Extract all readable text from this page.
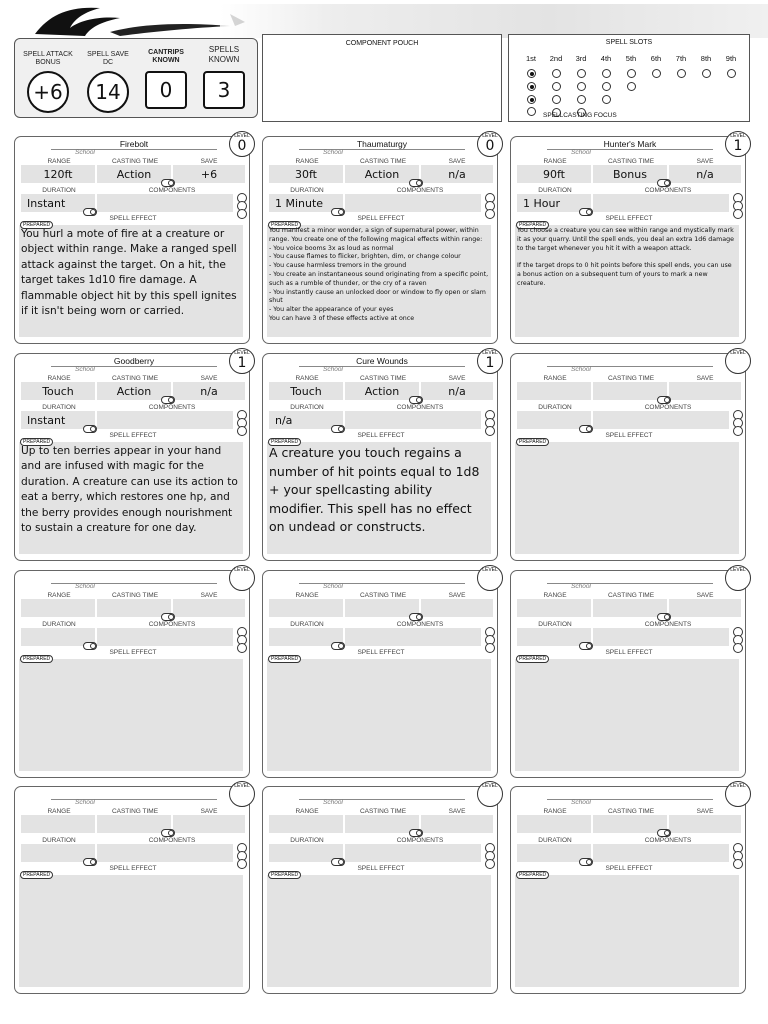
SPELL ATTACK BONUS
+6
SPELL SAVE DC
14
CANTRIPS KNOWN
0
SPELLS KNOWN
3
COMPONENT POUCH	SPELL SLOTS
1st	2nd	3rd	4th	5th	6th	7th	8th	9th
SPELLCASTING FOCUS
Firebolt
School
LEVEL
0
RANGE	CASTING TIME	SAVE
120ft	Action	+6
DURATION	COMPONENTS
Instant
SPELL EFFECT
PREPARED
You hurl a mote of fire at a creature or object within range. Make a ranged spell attack against the target. On a hit, the target takes 1d10 fire damage. A flammable object hit by this spell ignites if it isn't being worn or carried.
Thaumaturgy
School
LEVEL
0
RANGE	CASTING TIME	SAVE
30ft	Action	n/a
DURATION	COMPONENTS
1 Minute
SPELL EFFECT
PREPARED
You manifest a minor wonder, a sign of supernatural power, within range. You create one of the following magical effects within range:
- You voice booms 3x as loud as normal
- You cause flames to flicker, brighten, dim, or change colour
- You cause harmless tremors in the ground
- You create an instantaneous sound originating from a specific point, such as a rumble of thunder, or the cry of a raven
- You instantly cause an unlocked door or window to fly open or slam shut
- You alter the appearance of your eyes
You can have 3 of these effects active at once
Hunter's Mark
School
LEVEL
1
RANGE	CASTING TIME	SAVE
90ft	Bonus	n/a
DURATION	COMPONENTS
1 Hour
SPELL EFFECT
PREPARED
You choose a creature you can see within range and mystically mark it as your quarry. Until the spell ends, you deal an extra 1d6 damage to the target whenever you hit it with a weapon attack.

If the target drops to 0 hit points before this spell ends, you can use a bonus action on a subsequent turn of yours to mark a new creature.
Goodberry
School
LEVEL
1
RANGE	CASTING TIME	SAVE
Touch	Action	n/a
DURATION	COMPONENTS
Instant
SPELL EFFECT
PREPARED
Up to ten berries appear in your hand and are infused with magic for the duration. A creature can use its action to eat a berry, which restores one hp, and the berry provides enough nourishment to sustain a creature for one day.
Cure Wounds
School
LEVEL
1
RANGE	CASTING TIME	SAVE
Touch	Action	n/a
DURATION	COMPONENTS
n/a
SPELL EFFECT
PREPARED
A creature you touch regains a number of hit points equal to 1d8 + your spellcasting ability modifier. This spell has no effect on undead or constructs.
School
LEVEL
RANGE	CASTING TIME	SAVE
DURATION	COMPONENTS
SPELL EFFECT
PREPARED
School
LEVEL
RANGE	CASTING TIME	SAVE
DURATION	COMPONENTS
SPELL EFFECT
PREPARED
School
LEVEL
RANGE	CASTING TIME	SAVE
DURATION	COMPONENTS
SPELL EFFECT
PREPARED
School
LEVEL
RANGE	CASTING TIME	SAVE
DURATION	COMPONENTS
SPELL EFFECT
PREPARED
School
LEVEL
RANGE	CASTING TIME	SAVE
DURATION	COMPONENTS
SPELL EFFECT
PREPARED
School
LEVEL
RANGE	CASTING TIME	SAVE
DURATION	COMPONENTS
SPELL EFFECT
PREPARED
School
LEVEL
RANGE	CASTING TIME	SAVE
DURATION	COMPONENTS
SPELL EFFECT
PREPARED
